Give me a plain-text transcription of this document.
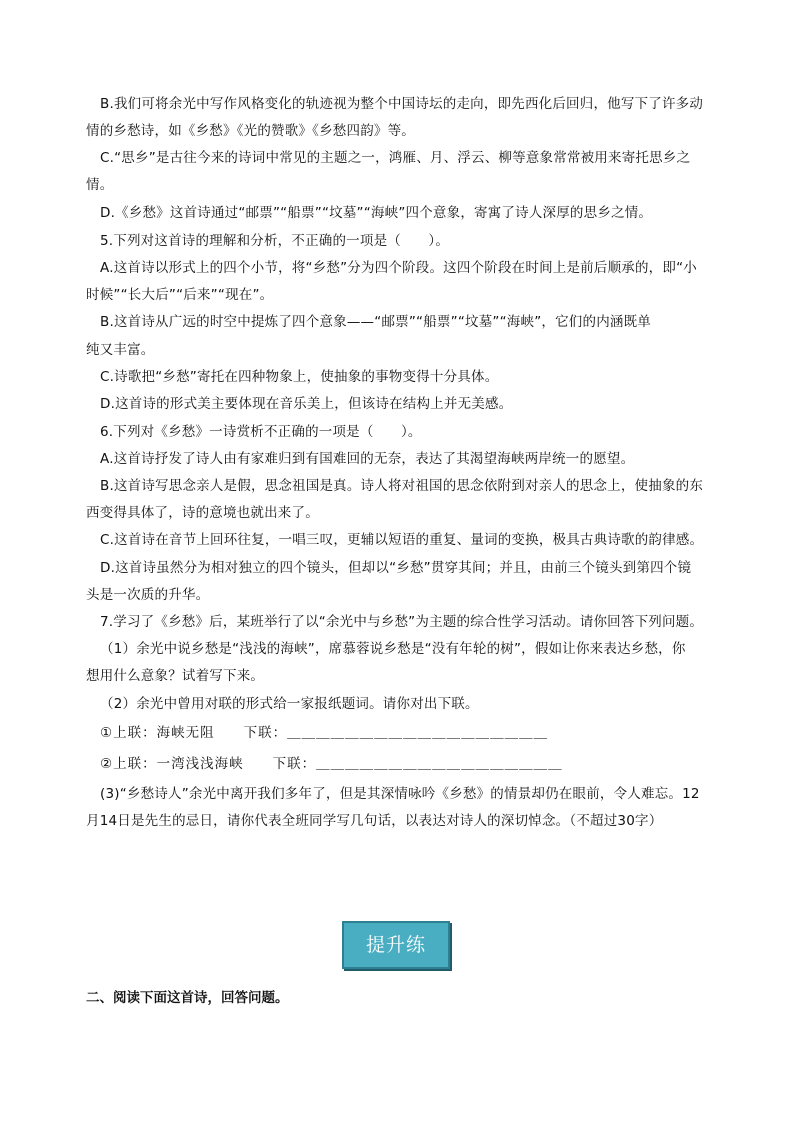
B.我们可将余光中写作风格变化的轨迹视为整个中国诗坛的走向，即先西化后回归，他写下了许多动
情的乡愁诗，如《乡愁》《光的赞歌》《乡愁四韵》等。
C.“思乡”是古往今来的诗词中常见的主题之一，鸿雁、月、浮云、柳等意象常常被用来寄托思乡之
情。
D.《乡愁》这首诗通过“邮票”“船票”“坟墓”“海峡”四个意象，寄寓了诗人深厚的思乡之情。
5.下列对这首诗的理解和分析，不正确的一项是（　　）。
A.这首诗以形式上的四个小节，将“乡愁”分为四个阶段。这四个阶段在时间上是前后顺承的，即“小
时候”“长大后”“后来”“现在”。
B.这首诗从广远的时空中提炼了四个意象——“邮票”“船票”“坟墓”“海峡”，它们的内涵既单
纯又丰富。
C.诗歌把“乡愁”寄托在四种物象上，使抽象的事物变得十分具体。
D.这首诗的形式美主要体现在音乐美上，但该诗在结构上并无美感。
6.下列对《乡愁》一诗赏析不正确的一项是（　　）。
A.这首诗抒发了诗人由有家难归到有国难回的无奈，表达了其渴望海峡两岸统一的愿望。
B.这首诗写思念亲人是假，思念祖国是真。诗人将对祖国的思念依附到对亲人的思念上，使抽象的东
西变得具体了，诗的意境也就出来了。
C.这首诗在音节上回环往复，一唱三叹，更辅以短语的重复、量词的变换，极具古典诗歌的韵律感。
D.这首诗虽然分为相对独立的四个镜头，但却以“乡愁”贯穿其间；并且，由前三个镜头到第四个镜
头是一次质的升华。
7.学习了《乡愁》后，某班举行了以“余光中与乡愁”为主题的综合性学习活动。请你回答下列问题。
（1）余光中说乡愁是“浅浅的海峡”，席慕蓉说乡愁是“没有年轮的树”，假如让你来表达乡愁，你
想用什么意象？试着写下来。
（2）余光中曾用对联的形式给一家报纸题词。请你对出下联。
①上联：海峡无阻　　下联：＿＿＿＿＿＿＿＿＿＿＿＿＿＿＿＿＿＿
②上联：一湾浅浅海峡　　下联：＿＿＿＿＿＿＿＿＿＿＿＿＿＿＿＿＿
(3)“乡愁诗人”余光中离开我们多年了，但是其深情咏吟《乡愁》的情景却仍在眼前，令人难忘。12
月14日是先生的忌日，请你代表全班同学写几句话，以表达对诗人的深切悼念。（不超过30字）
提升练
二、阅读下面这首诗，回答问题。
